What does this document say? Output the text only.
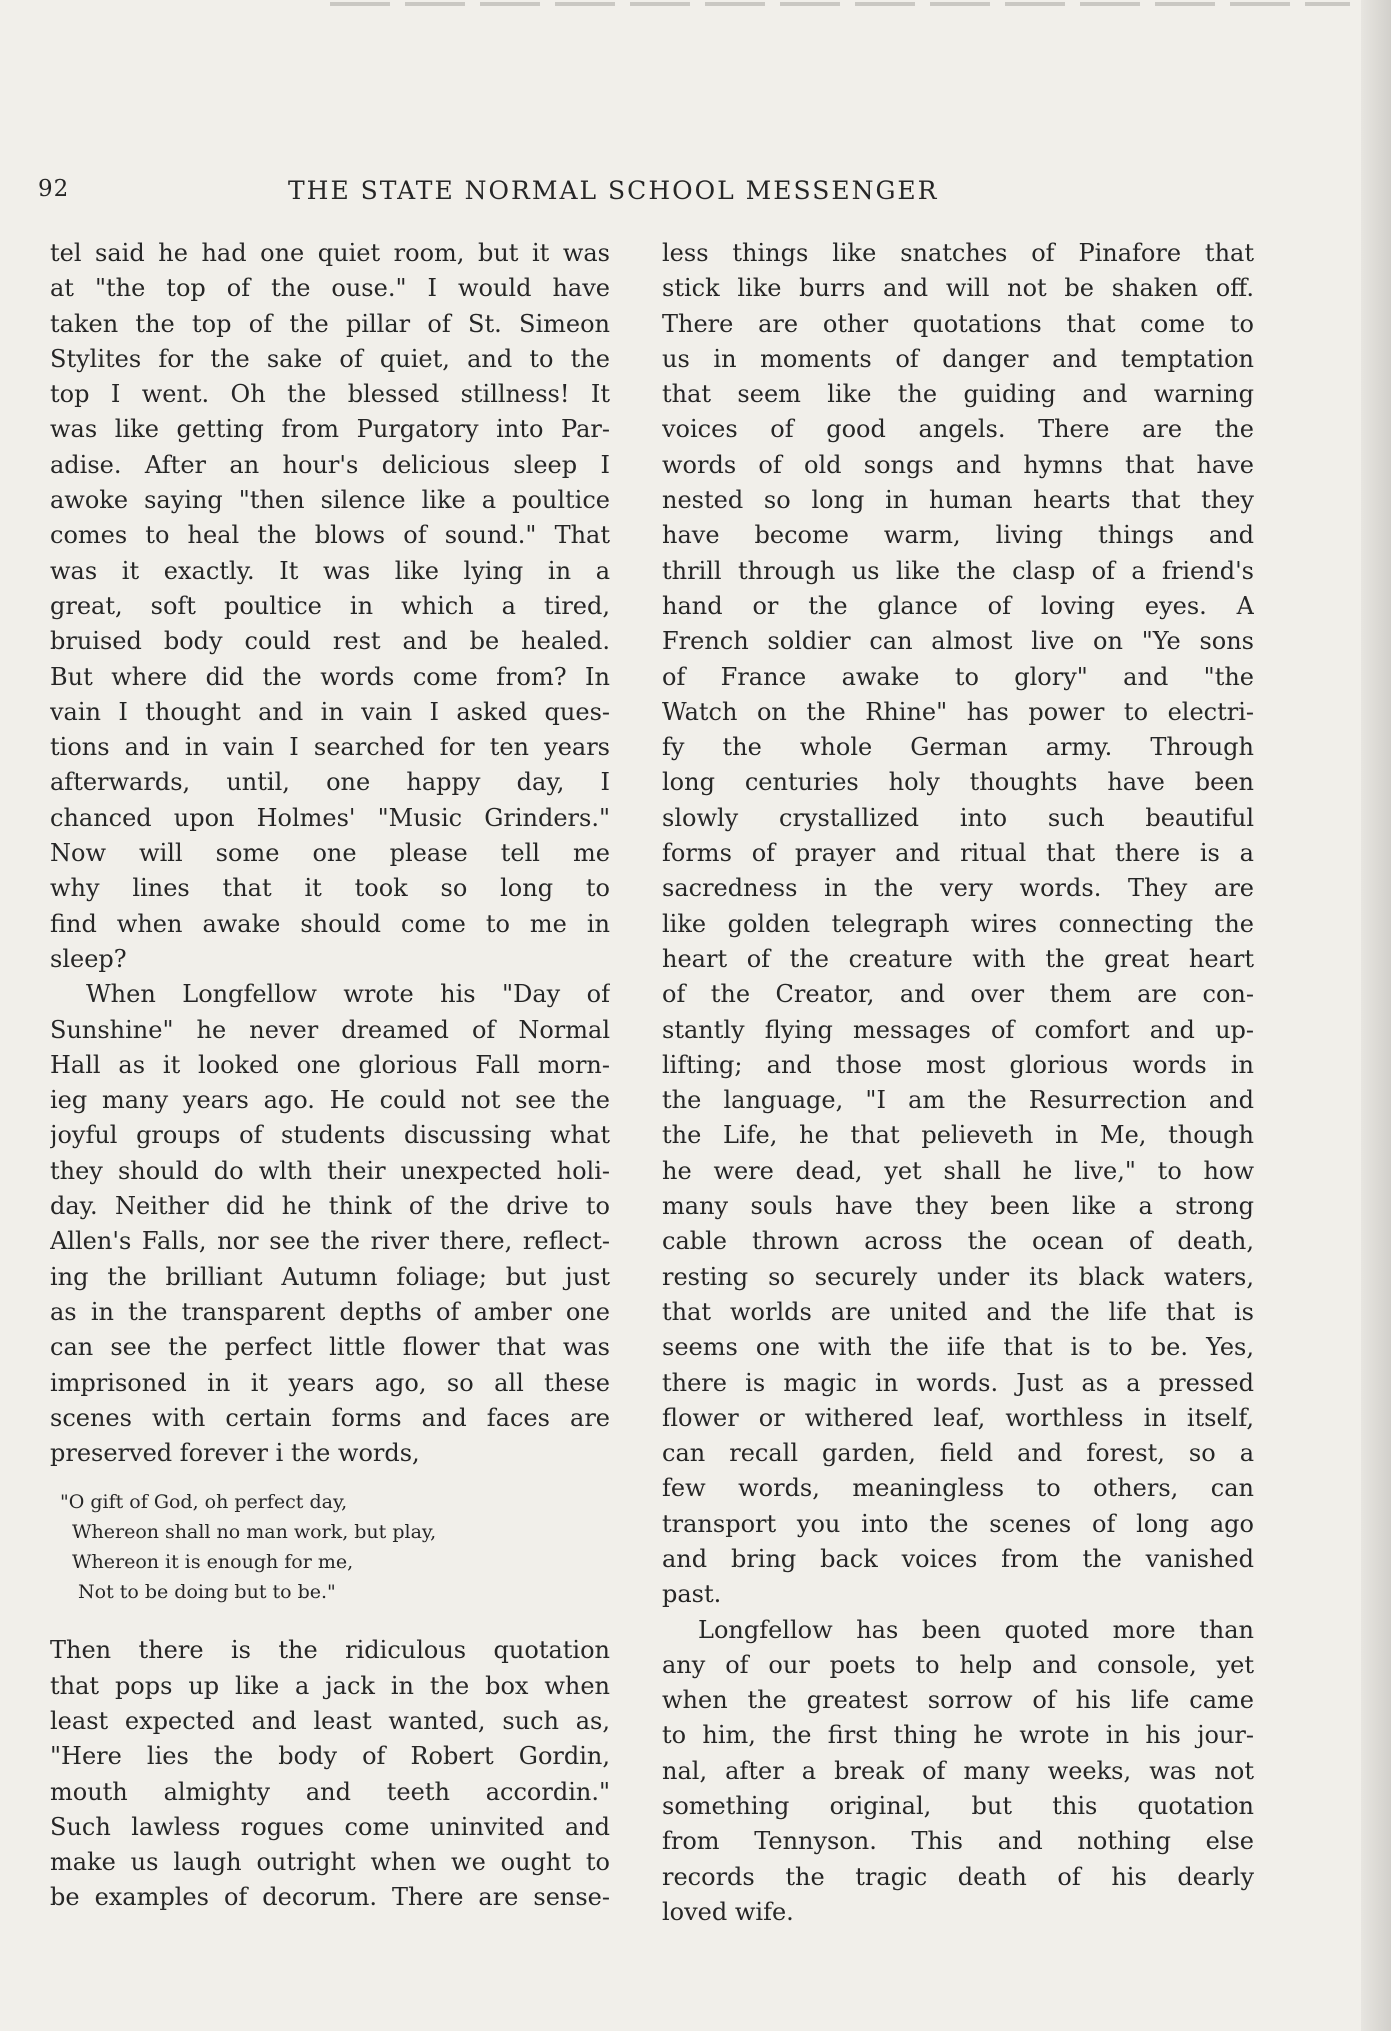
92	THE STATE NORMAL SCHOOL MESSENGER
tel said he had one quiet room, but it was
at "the top of the ouse." I would have
taken the top of the pillar of St. Simeon
Stylites for the sake of quiet, and to the
top I went. Oh the blessed stillness! It
was like getting from Purgatory into Par-
adise. After an hour's delicious sleep I
awoke saying "then silence like a poultice
comes to heal the blows of sound." That
was it exactly. It was like lying in a
great, soft poultice in which a tired,
bruised body could rest and be healed.
But where did the words come from? In
vain I thought and in vain I asked ques-
tions and in vain I searched for ten years
afterwards, until, one happy day, I
chanced upon Holmes' "Music Grinders."
Now will some one please tell me
why lines that it took so long to
find when awake should come to me in
sleep?
When Longfellow wrote his "Day of
Sunshine" he never dreamed of Normal
Hall as it looked one glorious Fall morn-
ieg many years ago. He could not see the
joyful groups of students discussing what
they should do wlth their unexpected holi-
day. Neither did he think of the drive to
Allen's Falls, nor see the river there, reflect-
ing the brilliant Autumn foliage; but just
as in the transparent depths of amber one
can see the perfect little flower that was
imprisoned in it years ago, so all these
scenes with certain forms and faces are
preserved forever i the words,
"O gift of God, oh perfect day,
Whereon shall no man work, but play,
Whereon it is enough for me,
Not to be doing but to be."
Then there is the ridiculous quotation
that pops up like a jack in the box when
least expected and least wanted, such as,
"Here lies the body of Robert Gordin,
mouth almighty and teeth accordin."
Such lawless rogues come uninvited and
make us laugh outright when we ought to
be examples of decorum. There are sense-
less things like snatches of Pinafore that
stick like burrs and will not be shaken off.
There are other quotations that come to
us in moments of danger and temptation
that seem like the guiding and warning
voices of good angels. There are the
words of old songs and hymns that have
nested so long in human hearts that they
have become warm, living things and
thrill through us like the clasp of a friend's
hand or the glance of loving eyes. A
French soldier can almost live on "Ye sons
of France awake to glory" and "the
Watch on the Rhine" has power to electri-
fy the whole German army. Through
long centuries holy thoughts have been
slowly crystallized into such beautiful
forms of prayer and ritual that there is a
sacredness in the very words. They are
like golden telegraph wires connecting the
heart of the creature with the great heart
of the Creator, and over them are con-
stantly flying messages of comfort and up-
lifting; and those most glorious words in
the language, "I am the Resurrection and
the Life, he that pelieveth in Me, though
he were dead, yet shall he live," to how
many souls have they been like a strong
cable thrown across the ocean of death,
resting so securely under its black waters,
that worlds are united and the life that is
seems one with the iife that is to be. Yes,
there is magic in words. Just as a pressed
flower or withered leaf, worthless in itself,
can recall garden, field and forest, so a
few words, meaningless to others, can
transport you into the scenes of long ago
and bring back voices from the vanished
past.
Longfellow has been quoted more than
any of our poets to help and console, yet
when the greatest sorrow of his life came
to him, the first thing he wrote in his jour-
nal, after a break of many weeks, was not
something original, but this quotation
from Tennyson. This and nothing else
records the tragic death of his dearly
loved wife.
